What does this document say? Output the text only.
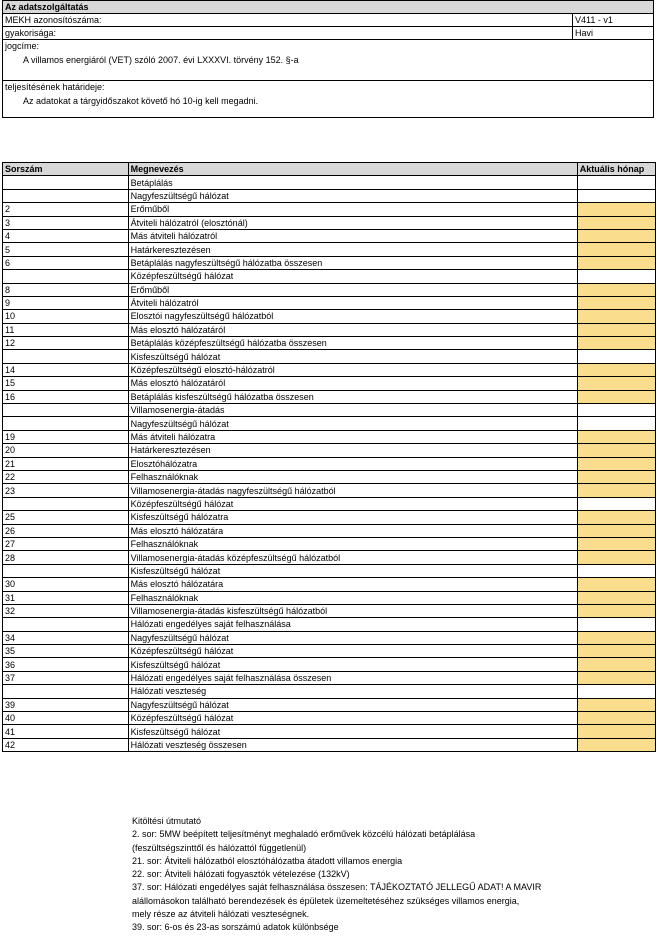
Az adatszolgáltatás
MEKH azonosítószáma:	V411 - v1
gyakorisága:	Havi
jogcíme:
A villamos energiáról (VET) szóló 2007. évi LXXXVI. törvény 152. §-a
teljesítésének határideje:
Az adatokat a tárgyidőszakot követő hó 10-ig kell megadni.
Sorszám	Megnevezés	Aktuális hónap
	Betáplálás	
	Nagyfeszültségű hálózat	
2	Erőműből	
3	Átviteli hálózatról (elosztónál)	
4	Más átviteli hálózatról	
5	Határkeresztezésen	
6	Betáplálás nagyfeszültségű hálózatba összesen	
	Középfeszültségű hálózat	
8	Erőműből	
9	Átviteli hálózatról	
10	Elosztói nagyfeszültségű hálózatból	
11	Más elosztó hálózatáról	
12	Betáplálás középfeszültségű hálózatba összesen	
	Kisfeszültségű hálózat	
14	Középfeszültségű elosztó-hálózatról	
15	Más elosztó hálózatáról	
16	Betáplálás kisfeszültségű hálózatba összesen	
	Villamosenergia-átadás	
	Nagyfeszültségű hálózat	
19	Más átviteli hálózatra	
20	Határkeresztezésen	
21	Elosztóhálózatra	
22	Felhasználóknak	
23	Villamosenergia-átadás nagyfeszültségű hálózatból	
	Középfeszültségű hálózat	
25	Kisfeszültségű hálózatra	
26	Más elosztó hálózatára	
27	Felhasználóknak	
28	Villamosenergia-átadás középfeszültségű hálózatból	
	Kisfeszültségű hálózat	
30	Más elosztó hálózatára	
31	Felhasználóknak	
32	Villamosenergia-átadás kisfeszültségű hálózatból	
	Hálózati engedélyes saját felhasználása	
34	Nagyfeszültségű hálózat	
35	Középfeszültségű hálózat	
36	Kisfeszültségű hálózat	
37	Hálózati engedélyes saját felhasználása összesen	
	Hálózati veszteség	
39	Nagyfeszültségű hálózat	
40	Középfeszültségű hálózat	
41	Kisfeszültségű hálózat	
42	Hálózati veszteség összesen	
Kitöltési útmutató
2. sor: 5MW beépített teljesítményt meghaladó erőművek közcélú hálózati betáplálása
(feszültségszinttől és hálózattól függetlenül)
21. sor: Átviteli hálózatból elosztóhálózatba átadott villamos energia
22. sor: Átviteli hálózati fogyasztók vételezése (132kV)
37. sor: Hálózati engedélyes saját felhasználása összesen: TÁJÉKOZTATÓ JELLEGŰ ADAT! A MAVIR
alállomásokon található berendezések és épületek üzemeltetéséhez szükséges villamos energia,
mely része az átviteli hálózati veszteségnek.
39. sor: 6-os és 23-as sorszámú adatok különbsége
